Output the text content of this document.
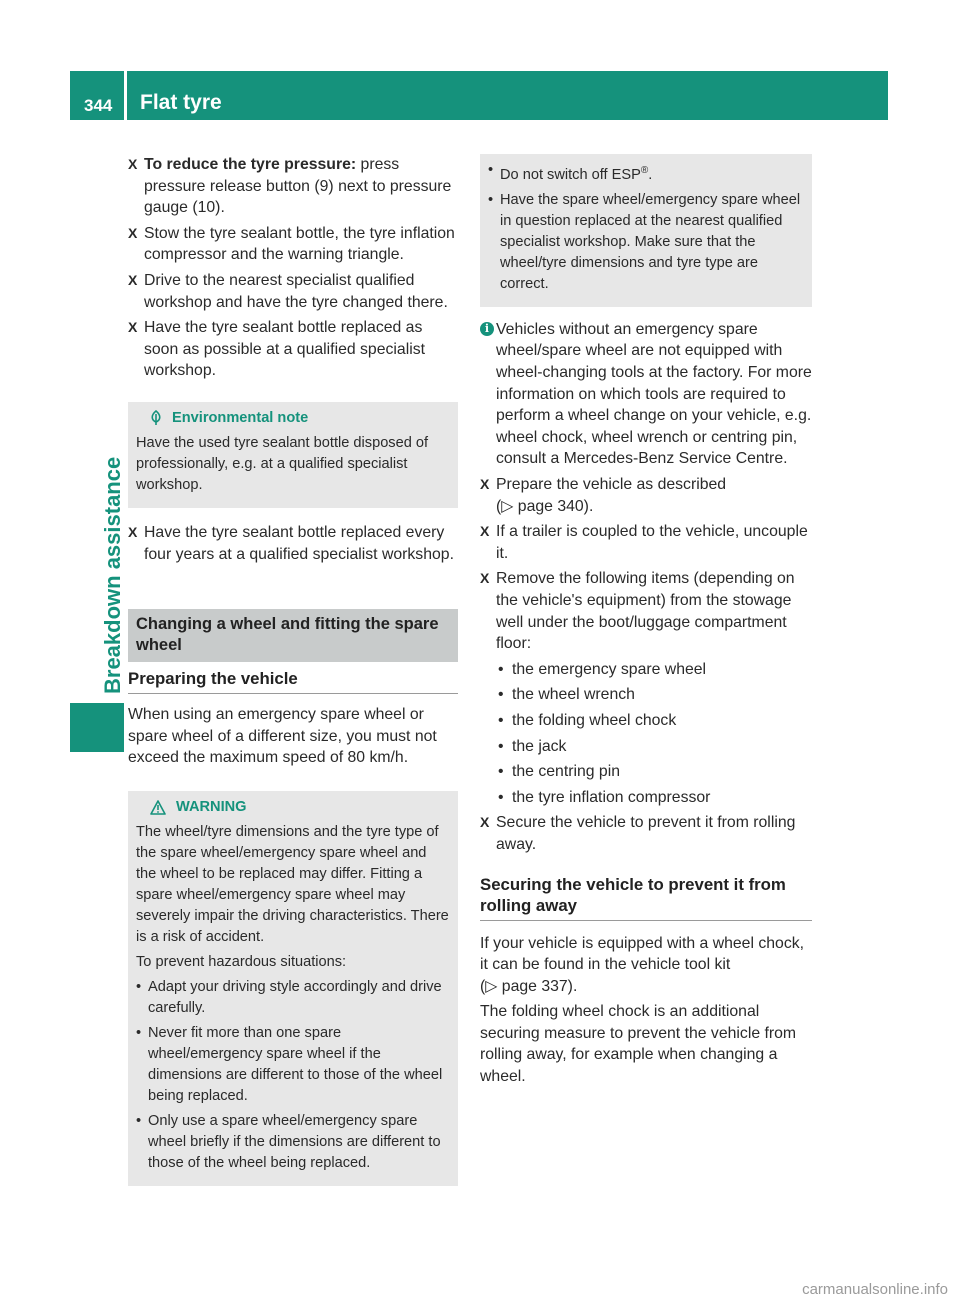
344 Flat tyre
Breakdown assistance
X To reduce the tyre pressure: press pressure release button (9) next to pressure gauge (10).
X Stow the tyre sealant bottle, the tyre inflation compressor and the warning triangle.
X Drive to the nearest specialist qualified workshop and have the tyre changed there.
X Have the tyre sealant bottle replaced as soon as possible at a qualified specialist workshop.
Environmental note

Have the used tyre sealant bottle disposed of professionally, e.g. at a qualified specialist workshop.

X Have the tyre sealant bottle replaced every four years at a qualified specialist workshop.
Changing a wheel and fitting the spare wheel
Preparing the vehicle

When using an emergency spare wheel or spare wheel of a different size, you must not exceed the maximum speed of 80 km/h.

WARNING

The wheel/tyre dimensions and the tyre type of the spare wheel/emergency spare wheel and the wheel to be replaced may differ. Fitting a spare wheel/emergency spare wheel may severely impair the driving characteristics. There is a risk of accident.

To prevent hazardous situations:

• Adapt your driving style accordingly and drive carefully.
• Never fit more than one spare wheel/emergency spare wheel if the dimensions are different to those of the wheel being replaced.
• Only use a spare wheel/emergency spare wheel briefly if the dimensions are different to those of the wheel being replaced.
• Do not switch off ESP®.
• Have the spare wheel/emergency spare wheel in question replaced at the nearest qualified specialist workshop. Make sure that the wheel/tyre dimensions and tyre type are correct.
i Vehicles without an emergency spare wheel/spare wheel are not equipped with wheel-changing tools at the factory. For more information on which tools are required to perform a wheel change on your vehicle, e.g. wheel chock, wheel wrench or centring pin, consult a Mercedes-Benz Service Centre.
X Prepare the vehicle as described
(▷ page 340).
X If a trailer is coupled to the vehicle, uncouple it.
X Remove the following items (depending on the vehicle's equipment) from the stowage well under the boot/luggage compartment floor:
• the emergency spare wheel
• the wheel wrench
• the folding wheel chock
• the jack
• the centring pin
• the tyre inflation compressor
X Secure the vehicle to prevent it from rolling away.
Securing the vehicle to prevent it from rolling away

If your vehicle is equipped with a wheel chock, it can be found in the vehicle tool kit
(▷ page 337).

The folding wheel chock is an additional securing measure to prevent the vehicle from rolling away, for example when changing a wheel.

carmanualsonline.info
